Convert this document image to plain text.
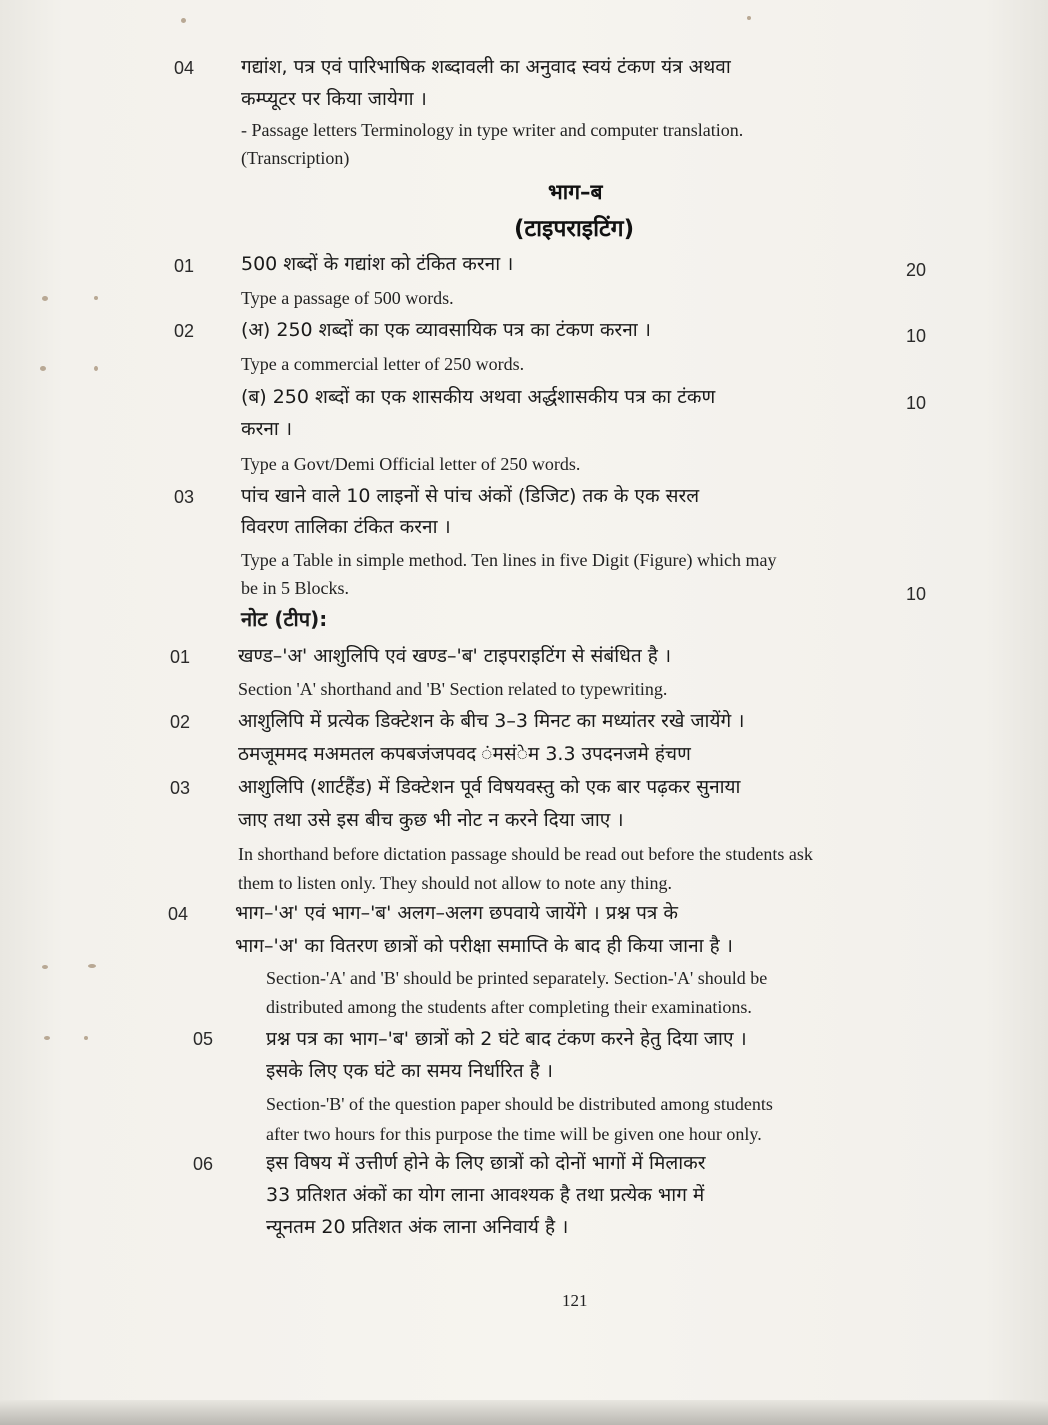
04 गद्यांश, पत्र एवं पारिभाषिक शब्दावली का अनुवाद स्वयं टंकण यंत्र अथवा
कम्प्यूटर पर किया जायेगा ।
- Passage letters Terminology in type writer and computer translation.
(Transcription)
भाग–ब
(टाइपराइटिंग)
01 500 शब्दों के गद्यांश को टंकित करना ।	20
Type a passage of 500 words.
02 (अ) 250 शब्दों का एक व्यावसायिक पत्र का टंकण करना ।	10
Type a commercial letter of 250 words.
(ब) 250 शब्दों का एक शासकीय अथवा अर्द्धशासकीय पत्र का टंकण	10
करना ।
Type a Govt/Demi Official letter of 250 words.
03 पांच खाने वाले 10 लाइनों से पांच अंकों (डिजिट) तक के एक सरल
विवरण तालिका टंकित करना ।
Type a Table in simple method. Ten lines in five Digit (Figure) which may
be in 5 Blocks.	10
नोट (टीप):
01	खण्ड–'अ' आशुलिपि एवं खण्ड–'ब' टाइपराइटिंग से संबंधित है ।
Section 'A' shorthand and 'B' Section related to typewriting.
02	आशुलिपि में प्रत्येक डिक्टेशन के बीच 3–3 मिनट का मध्यांतर रखे जायेंगे ।
ठमजूममद मअमतल कपबजंजपवद ंमसंेम 3.3 उपदनजमे हंचण
03	आशुलिपि (शार्टहैंड) में डिक्टेशन पूर्व विषयवस्तु को एक बार पढ़कर सुनाया
जाए तथा उसे इस बीच कुछ भी नोट न करने दिया जाए ।
In shorthand before dictation passage should be read out before the students ask
them to listen only. They should not allow to note any thing.
04 भाग–'अ' एवं भाग–'ब' अलग–अलग छपवाये जायेंगे । प्रश्न पत्र के
भाग–'अ' का वितरण छात्रों को परीक्षा समाप्ति के बाद ही किया जाना है ।
Section-'A' and 'B' should be printed separately. Section-'A' should be
distributed among the students after completing their examinations.
05	प्रश्न पत्र का भाग–'ब' छात्रों को 2 घंटे बाद टंकण करने हेतु दिया जाए ।
इसके लिए एक घंटे का समय निर्धारित है ।
Section-'B' of the question paper should be distributed among students
after two hours for this purpose the time will be given one hour only.
06	इस विषय में उत्तीर्ण होने के लिए छात्रों को दोनों भागों में मिलाकर
33 प्रतिशत अंकों का योग लाना आवश्यक है तथा प्रत्येक भाग में
न्यूनतम 20 प्रतिशत अंक लाना अनिवार्य है ।
121
